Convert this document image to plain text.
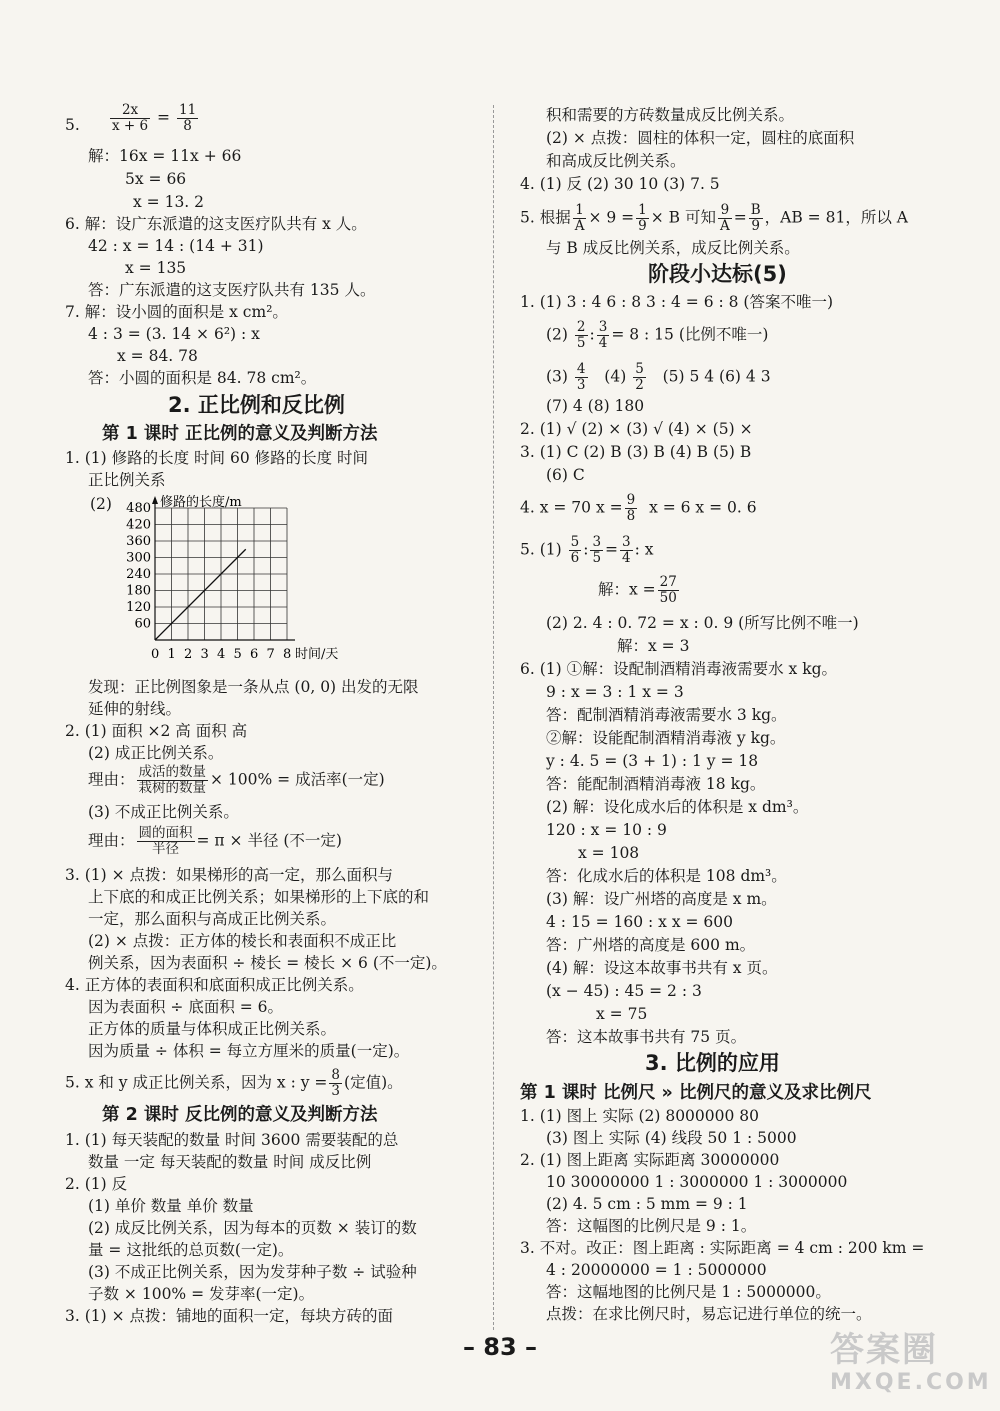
5. $\frac{2x}{x + 6} = \frac{11}{8}$
解：16x = 11x + 66
5x = 66
x = 13. 2
6. 解：设广东派遣的这支医疗队共有 x 人。
42 : x = 14 : (14 + 31)
x = 135
答：广东派遣的这支医疗队共有 135 人。
7. 解：设小圆的面积是 x cm²。
4 : 3 = (3. 14 × 6²) : x
x = 84. 78
答：小圆的面积是 84. 78 cm²。
2. 正比例和反比例
第 1 课时 正比例的意义及判断方法
1. (1) 修路的长度 时间 60 修路的长度 时间
正比例关系
(2)
0 1 2 3 4 5 6 7 8
60
120
180
240
300
360
420
480 修路的长度/m
时间/天
发现：正比例图象是一条从点 (0, 0) 出发的无限
延伸的射线。
2. (1) 面积 ×2 高 面积 高
(2) 成正比例关系。
理由： $\frac{\text{成活的数量}}{\text{栽树的数量}} \times 100\%$ = 成活率(一定)
(3) 不成正比例关系。
理由： $\frac{\text{圆的面积}}{\text{半径}} = \pi$ × 半径 (不一定)
3. (1) × 点拨：如果梯形的高一定，那么面积与
上下底的和成正比例关系；如果梯形的上下底的和
一定，那么面积与高成正比例关系。
(2) × 点拨：正方体的棱长和表面积不成正比
例关系，因为表面积 ÷ 棱长 = 棱长 × 6 (不一定)。
4. 正方体的表面积和底面积成正比例关系。
因为表面积 ÷ 底面积 = 6。
正方体的质量与体积成正比例关系。
因为质量 ÷ 体积 = 每立方厘米的质量(一定)。
5. x 和 y 成正比例关系，因为 x : $y = \frac{8}{3}$ (定值)。
第 2 课时 反比例的意义及判断方法
1. (1) 每天装配的数量 时间 3600 需要装配的总
数量 一定 每天装配的数量 时间 成反比例
2. (1) 反
(1) 单价 数量 单价 数量
(2) 成反比例关系，因为每本的页数 × 装订的数
量 = 这批纸的总页数(一定)。
(3) 不成正比例关系，因为发芽种子数 ÷ 试验种
子数 × 100% = 发芽率(一定)。
3. (1) × 点拨：铺地的面积一定，每块方砖的面
积和需要的方砖数量成反比例关系。
(2) × 点拨：圆柱的体积一定，圆柱的底面积
和高成反比例关系。
4. (1) 反 (2) 30 10 (3) 7. 5
5. 根据 $\frac{1}{A} \times 9 = \frac{1}{9} \times B$ 可知 $\frac{9}{A} = \frac{B}{9}$ ，AB = 81，所以 A
与 B 成反比例关系，成反比例关系。
阶段小达标(5)
1. (1) 3 : 4 6 : 8 3 : 4 = 6 : 8 (答案不唯一)
$(2) \frac{2}{5}$ : $\frac{3}{4} = 8$ : 15 (比例不唯一)
$(3) \frac{4}{3} (4) \frac{5}{2} (5)$ 5 4 (6) 4 3
(7) 4 (8) 180
2. (1) √ (2) × (3) √ (4) × (5) ×
3. (1) C (2) B (3) B (4) B (5) B
(6) C
4. x = 70 $x = \frac{9}{8}$ x = 6 x = 0. 6
5. $(1) \frac{5}{6}$ : $\frac{3}{5} = \frac{3}{4}$ : x
解：$x = \frac{27}{50}$
(2) 2. 4 : 0. 72 = x : 0. 9 (所写比例不唯一)
解：x = 3
6. (1) ①解：设配制酒精消毒液需要水 x kg。
9 : x = 3 : 1 x = 3
答：配制酒精消毒液需要水 3 kg。
②解：设能配制酒精消毒液 y kg。
y : 4. 5 = (3 + 1) : 1 y = 18
答：能配制酒精消毒液 18 kg。
(2) 解：设化成水后的体积是 x dm³。
120 : x = 10 : 9
x = 108
答：化成水后的体积是 108 dm³。
(3) 解：设广州塔的高度是 x m。
4 : 15 = 160 : x x = 600
答：广州塔的高度是 600 m。
(4) 解：设这本故事书共有 x 页。
(x − 45) : 45 = 2 : 3
x = 75
答：这本故事书共有 75 页。
3. 比例的应用
第 1 课时 比例尺 » 比例尺的意义及求比例尺
1. (1) 图上 实际 (2) 8000000 80
(3) 图上 实际 (4) 线段 50 1 : 5000
2. (1) 图上距离 实际距离 30000000
10 30000000 1 : 3000000 1 : 3000000
(2) 4. 5 cm : 5 mm = 9 : 1
答：这幅图的比例尺是 9 : 1。
3. 不对。改正：图上距离 : 实际距离 = 4 cm : 200 km =
4 : 20000000 = 1 : 5000000
答：这幅地图的比例尺是 1 : 5000000。
点拨：在求比例尺时，易忘记进行单位的统一。
– 83 –	答案圈
MXQE.COM
